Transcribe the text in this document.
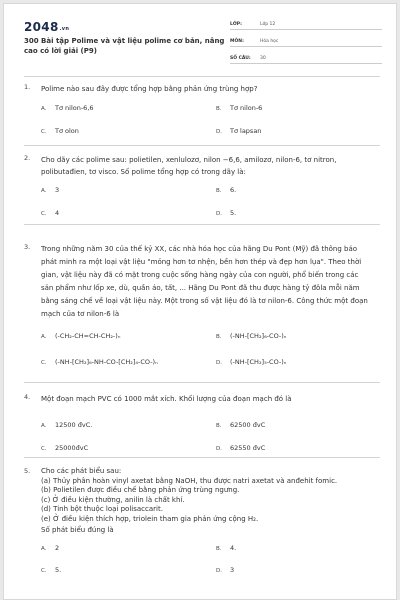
$2048^{.vn}$
300 Bài tập Polime và vật liệu polime cơ bản, nâng cao có lời giải (P9)
LỚP:	Lớp 12
MÔN:	Hóa học
SỐ CÂU:	30
1. Polime nào sau đây được tổng hợp bằng phản ứng trùng hợp?
A. Tơ nilon-6,6	B. Tơ nilon-6
C. Tơ olon	D. Tơ lapsan
2. Cho dãy các polime sau: polietilen, xenlulozơ, nilon −6,6, amilozơ, nilon-6, tơ nitron, polibutađien, tơ visco. Số polime tổng hợp có trong dãy là:
A. 3	B. 6.
C. 4	D. 5.
3. Trong những năm 30 của thế kỷ XX, các nhà hóa học của hãng Du Pont (Mỹ) đã thông báo phát minh ra một loại vật liệu "mỏng hơn tơ nhện, bền hơn thép và đẹp hơn lụa". Theo thời gian, vật liệu này đã có mặt trong cuộc sống hàng ngày của con người, phổ biến trong các sản phẩm như lốp xe, dù, quần áo, tất, ... Hãng Du Pont đã thu được hàng tỷ đôla mỗi năm bằng sáng chế về loại vật liệu này. Một trong số vật liệu đó là tơ nilon-6. Công thức một đoạn mạch của tơ nilon-6 là
A. (-CH₂-CH=CH-CH₂-)ₙ	B. (-NH-[CH₂]₆-CO-)ₙ
C. (-NH-[CH₂]₆-NH-CO-[CH₂]₄-CO-)ₙ	D. (-NH-[CH₂]₅-CO-)ₙ
4. Một đoạn mạch PVC có 1000 mắt xích. Khối lượng của đoạn mạch đó là
A. 12500 đvC.	B. 62500 đvC
C. 25000đvC	D. 62550 đvC
5. Cho các phát biểu sau:
(a) Thủy phân hoàn vinyl axetat bằng NaOH, thu được natri axetat và anđehit fomic.
(b) Polietilen được điều chế bằng phản ứng trùng ngưng.
(c) Ở điều kiện thường, anilin là chất khí.
(d) Tinh bột thuộc loại polisaccarit.
(e) Ở điều kiện thích hợp, triolein tham gia phản ứng cộng H₂.
Số phát biểu đúng là
A. 2	B. 4.
C. 5.	D. 3
